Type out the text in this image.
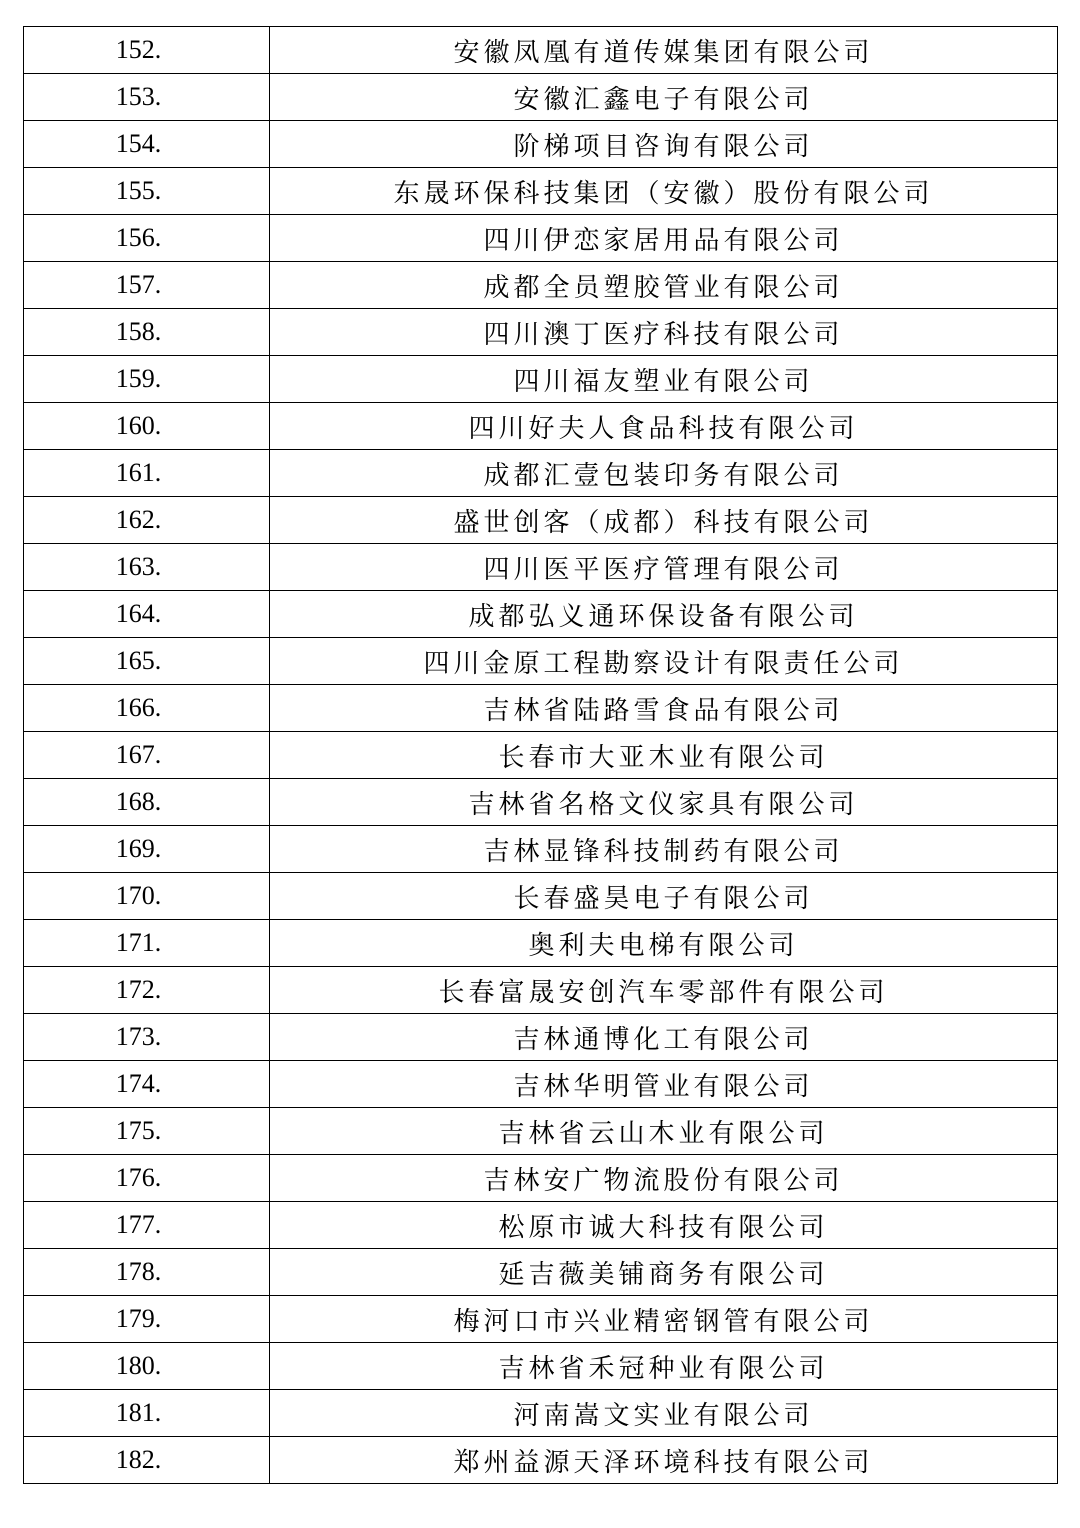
152.	安徽凤凰有道传媒集团有限公司
153.	安徽汇鑫电子有限公司
154.	阶梯项目咨询有限公司
155.	东晟环保科技集团（安徽）股份有限公司
156.	四川伊恋家居用品有限公司
157.	成都全员塑胶管业有限公司
158.	四川澳丁医疗科技有限公司
159.	四川福友塑业有限公司
160.	四川好夫人食品科技有限公司
161.	成都汇壹包装印务有限公司
162.	盛世创客（成都）科技有限公司
163.	四川医平医疗管理有限公司
164.	成都弘义通环保设备有限公司
165.	四川金原工程勘察设计有限责任公司
166.	吉林省陆路雪食品有限公司
167.	长春市大亚木业有限公司
168.	吉林省名格文仪家具有限公司
169.	吉林显锋科技制药有限公司
170.	长春盛昊电子有限公司
171.	奥利夫电梯有限公司
172.	长春富晟安创汽车零部件有限公司
173.	吉林通博化工有限公司
174.	吉林华明管业有限公司
175.	吉林省云山木业有限公司
176.	吉林安广物流股份有限公司
177.	松原市诚大科技有限公司
178.	延吉薇美铺商务有限公司
179.	梅河口市兴业精密钢管有限公司
180.	吉林省禾冠种业有限公司
181.	河南嵩文实业有限公司
182.	郑州益源天泽环境科技有限公司
